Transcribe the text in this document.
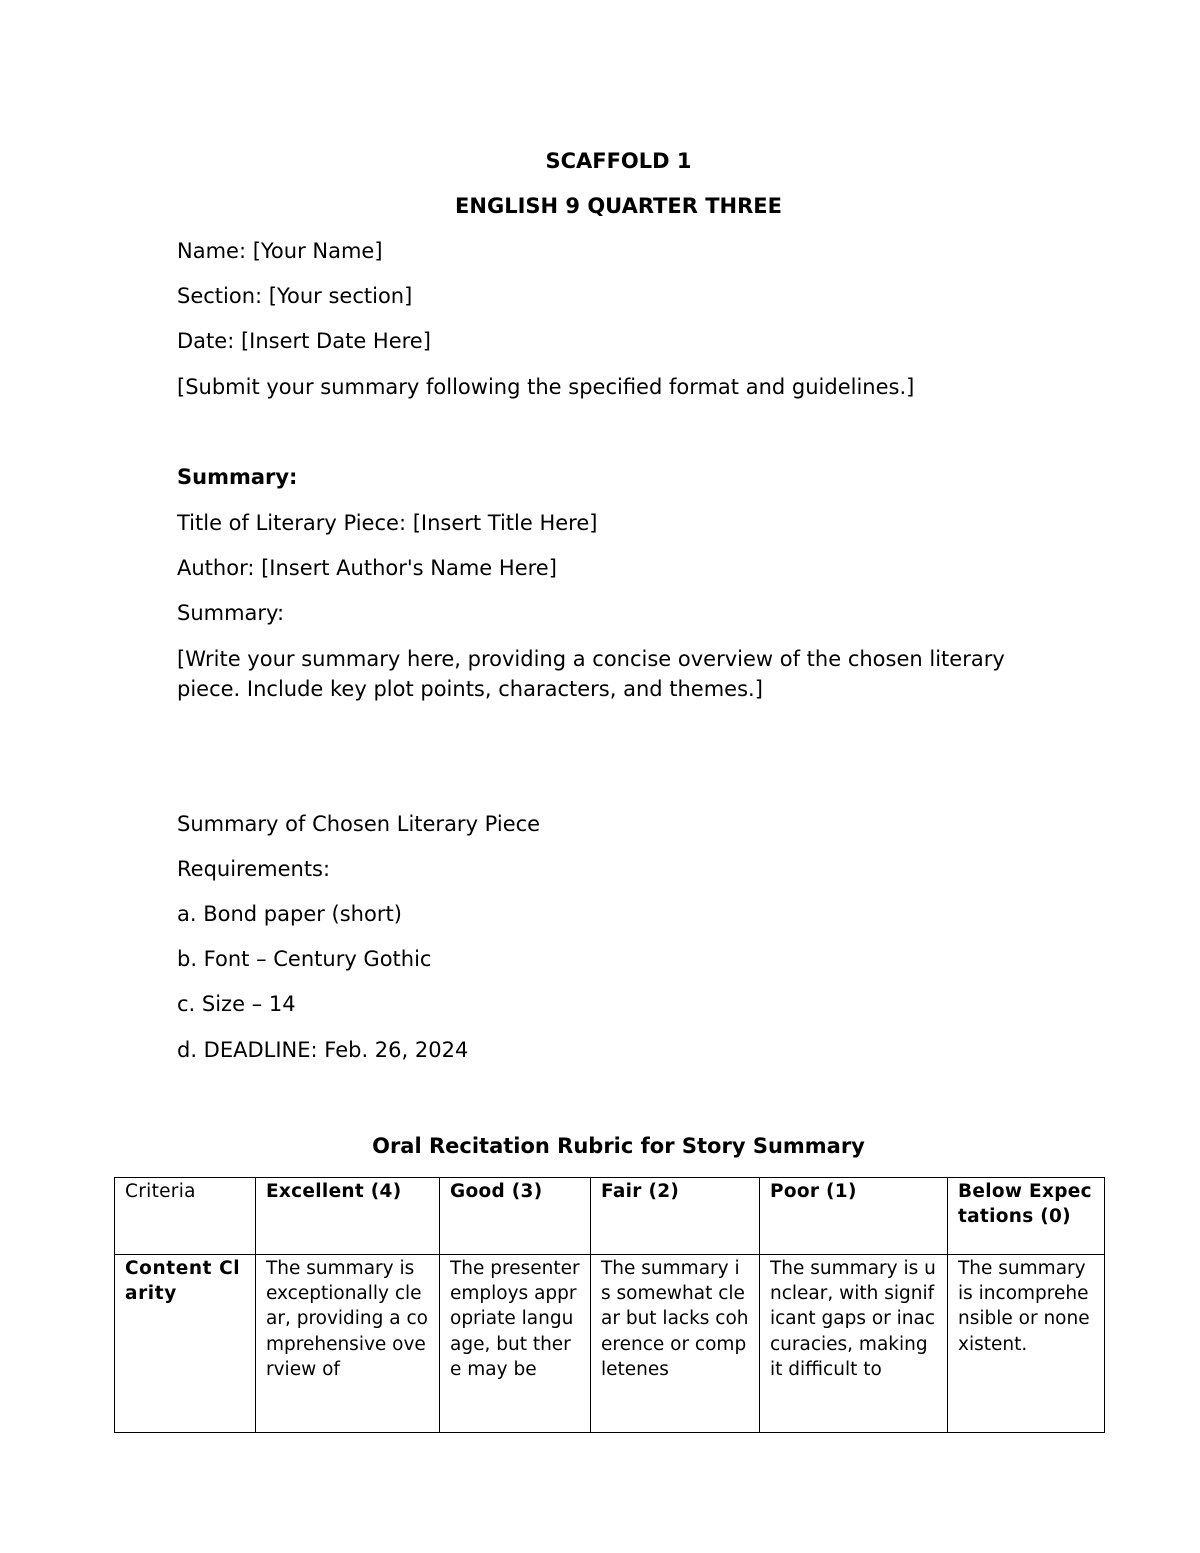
SCAFFOLD 1
ENGLISH 9 QUARTER THREE
Name: [Your Name]
Section: [Your section]
Date: [Insert Date Here]
[Submit your summary following the specified format and guidelines.]
Summary:
Title of Literary Piece: [Insert Title Here]
Author: [Insert Author's Name Here]
Summary:
[Write your summary here, providing a concise overview of the chosen literary piece. Include key plot points, characters, and themes.]
Summary of Chosen Literary Piece
Requirements:
a. Bond paper (short)
b. Font – Century Gothic
c. Size – 14
d. DEADLINE: Feb. 26, 2024
Oral Recitation Rubric for Story Summary
Criteria	Excellent (4)	Good (3)	Fair (2)	Poor (1)	Below Expectations (0)

Content Clarity	The summary is exceptionally clear, providing a comprehensive overview of	The presenter employs appropriate language, but there may be	The summary is somewhat clear but lacks coherence or completenes	The summary is unclear, with significant gaps or inaccuracies, making it difficult to	The summary is incomprehensible or nonexistent.
